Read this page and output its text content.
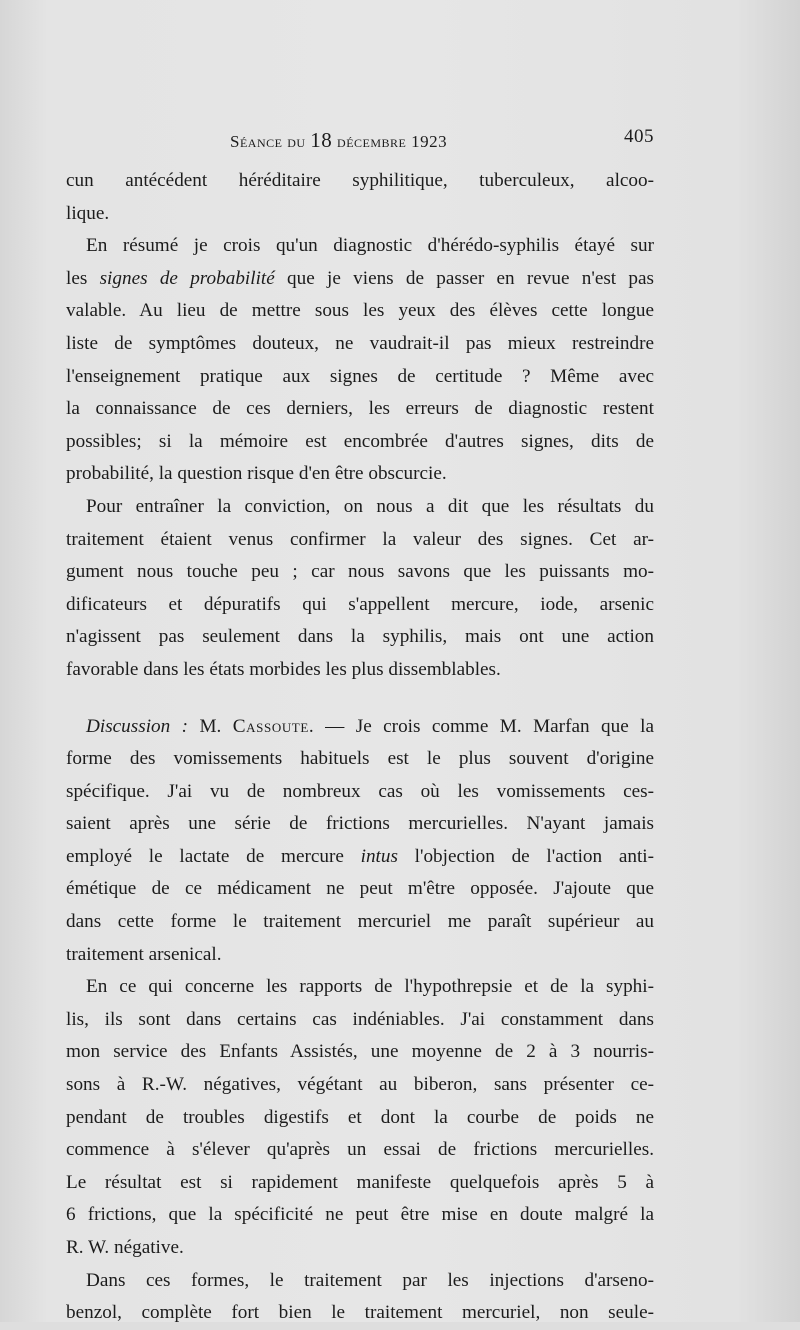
Séance du 18 décembre 1923	405
cun antécédent héréditaire syphilitique, tuberculeux, alcoo-
lique.
En résumé je crois qu'un diagnostic d'hérédo-syphilis étayé sur
les signes de probabilité que je viens de passer en revue n'est pas
valable. Au lieu de mettre sous les yeux des élèves cette longue
liste de symptômes douteux, ne vaudrait-il pas mieux restreindre
l'enseignement pratique aux signes de certitude ? Même avec
la connaissance de ces derniers, les erreurs de diagnostic restent
possibles; si la mémoire est encombrée d'autres signes, dits de
probabilité, la question risque d'en être obscurcie.
Pour entraîner la conviction, on nous a dit que les résultats du
traitement étaient venus confirmer la valeur des signes. Cet ar-
gument nous touche peu ; car nous savons que les puissants mo-
dificateurs et dépuratifs qui s'appellent mercure, iode, arsenic
n'agissent pas seulement dans la syphilis, mais ont une action
favorable dans les états morbides les plus dissemblables.
Discussion : M. Cassoute. — Je crois comme M. Marfan que la
forme des vomissements habituels est le plus souvent d'origine
spécifique. J'ai vu de nombreux cas où les vomissements ces-
saient après une série de frictions mercurielles. N'ayant jamais
employé le lactate de mercure intus l'objection de l'action anti-
émétique de ce médicament ne peut m'être opposée. J'ajoute que
dans cette forme le traitement mercuriel me paraît supérieur au
traitement arsenical.
En ce qui concerne les rapports de l'hypothrepsie et de la syphi-
lis, ils sont dans certains cas indéniables. J'ai constamment dans
mon service des Enfants Assistés, une moyenne de 2 à 3 nourris-
sons à R.-W. négatives, végétant au biberon, sans présenter ce-
pendant de troubles digestifs et dont la courbe de poids ne
commence à s'élever qu'après un essai de frictions mercurielles.
Le résultat est si rapidement manifeste quelquefois après 5 à
6 frictions, que la spécificité ne peut être mise en doute malgré la
R. W. négative.
Dans ces formes, le traitement par les injections d'arseno-
benzol, complète fort bien le traitement mercuriel, non seule-
